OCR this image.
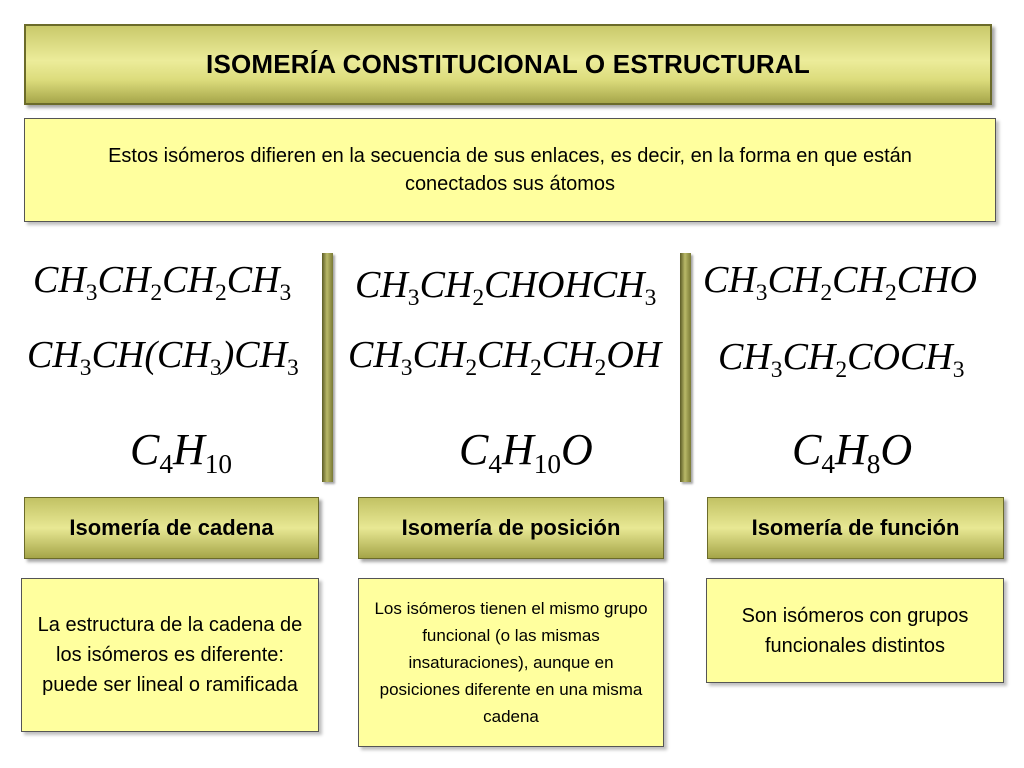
ISOMERÍA CONSTITUCIONAL O ESTRUCTURAL
Estos isómeros difieren en la secuencia de sus enlaces, es decir, en la forma en que están conectados sus átomos
$CH_3CH_2CH_2CH_3$
$CH_3CH(CH_3)CH_3$
$C_4H_{10}$
$CH_3CH_2CHOHCH_3$
$CH_3CH_2CH_2CH_2OH$
$C_4H_{10}O$
$CH_3CH_2CH_2CHO$
$CH_3CH_2COCH_3$
$C_4H_8O$
Isomería de cadena	Isomería de posición	Isomería de función
La estructura de la cadena de los isómeros es diferente: puede ser lineal o ramificada
Los isómeros tienen el mismo grupo funcional (o las mismas insaturaciones), aunque en posiciones diferente en una misma cadena
Son isómeros con grupos funcionales distintos
